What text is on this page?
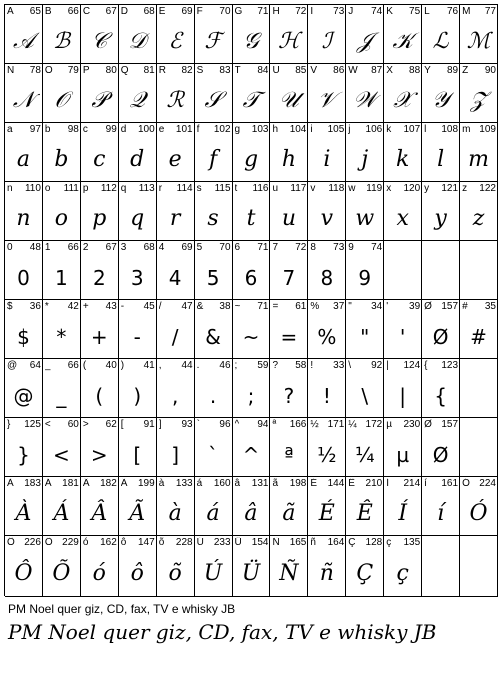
A 65
𝒜
B 66
ℬ
C 67
𝒞
D 68
𝒟
E 69
ℰ
F 70
ℱ
G 71
𝒢
H 72
ℋ
I 73
ℐ
J 74
𝒥
K 75
𝒦
L 76
ℒ
M 77
ℳ
N 78
𝒩
O 79
𝒪
P 80
𝒫
Q 81
𝒬
R 82
ℛ
S 83
𝒮
T 84
𝒯
U 85
𝒰
V 86
𝒱
W 87
𝒲
X 88
𝒳
Y 89
𝒴
Z 90
𝒵
a 97
a
b 98
b
c 99
c
d 100
d
e 101
e
f 102
f
g 103
g
h 104
h
i 105
i
j 106
j
k 107
k
l 108
l
m 109
m
n 110
n
o 111
o
p 112
p
q 113
q
r 114
r
s 115
s
t 116
t
u 117
u
v 118
v
w 119
w
x 120
x
y 121
y
z 122
z
0 48
0
1 66
1
2 67
2
3 68
3
4 69
4
5 70
5
6 71
6
7 72
7
8 73
8
9 74
9
$ 36
$
* 42
*
+ 43
+
- 45
-
/ 47
/
& 38
&
~ 71
~
= 61
=
% 37
%
" 34
"
' 39
'
Ø 157
Ø
# 35
#
@ 64
@
_ 66
_
( 40
(
) 41
)
, 44
,
. 46
.
; 59
;
? 58
?
! 33
!
\ 92
\
| 124
|
{ 123
{
} 125
}
< 60
<
> 62
>
[ 91
[
] 93
]
` 96
`
^ 94
^
ª 166
ª
½ 171
½
¼ 172
¼
µ 230
µ
Ø 157
Ø
À 183
À
Á 181
Á
Â 182
Â
Ã 199
Ã
à 133
à
á 160
á
â 131
â
ã 198
ã
É 144
É
Ê 210
Ê
Í 214
Í
í 161
í
Ó 224
Ó
Ô 226
Ô
Õ 229
Õ
ó 162
ó
ô 147
ô
õ 228
õ
Ú 233
Ú
Ü 154
Ü
Ñ 165
Ñ
ñ 164
ñ
Ç 128
Ç
ç 135
ç
PM Noel quer giz, CD, fax, TV e whisky JB
PM Noel quer giz, CD, fax, TV e whisky JB
